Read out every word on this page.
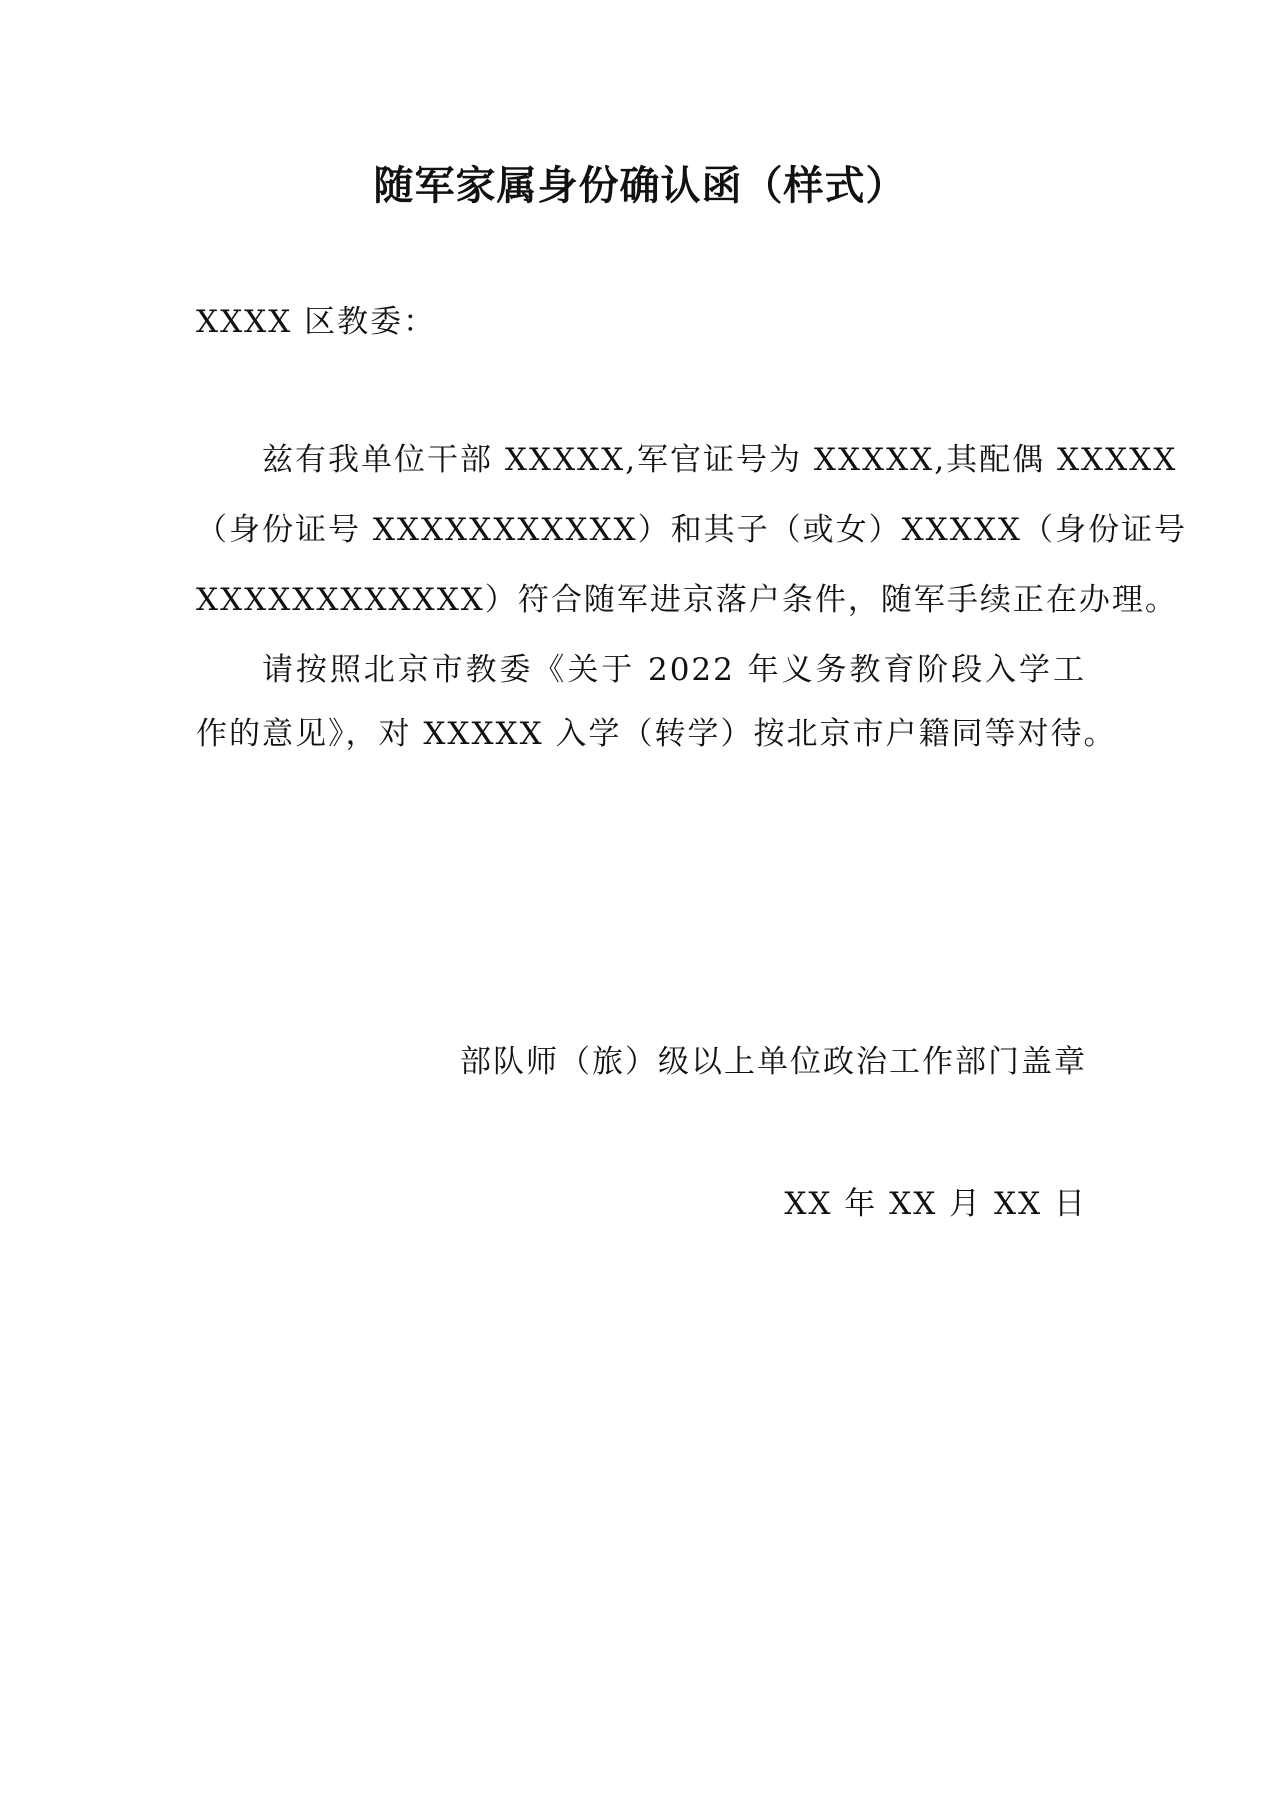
随军家属身份确认函（样式）
XXXX 区教委：
兹有我单位干部 XXXXX,军官证号为 XXXXX,其配偶 XXXXX
（身份证号 XXXXXXXXXXX）和其子（或女）XXXXX（身份证号
XXXXXXXXXXXX）符合随军进京落户条件，随军手续正在办理。
请按照北京市教委《关于 2022 年义务教育阶段入学工
作的意见》，对 XXXXX 入学（转学）按北京市户籍同等对待。
部队师（旅）级以上单位政治工作部门盖章
XX 年 XX 月 XX 日
